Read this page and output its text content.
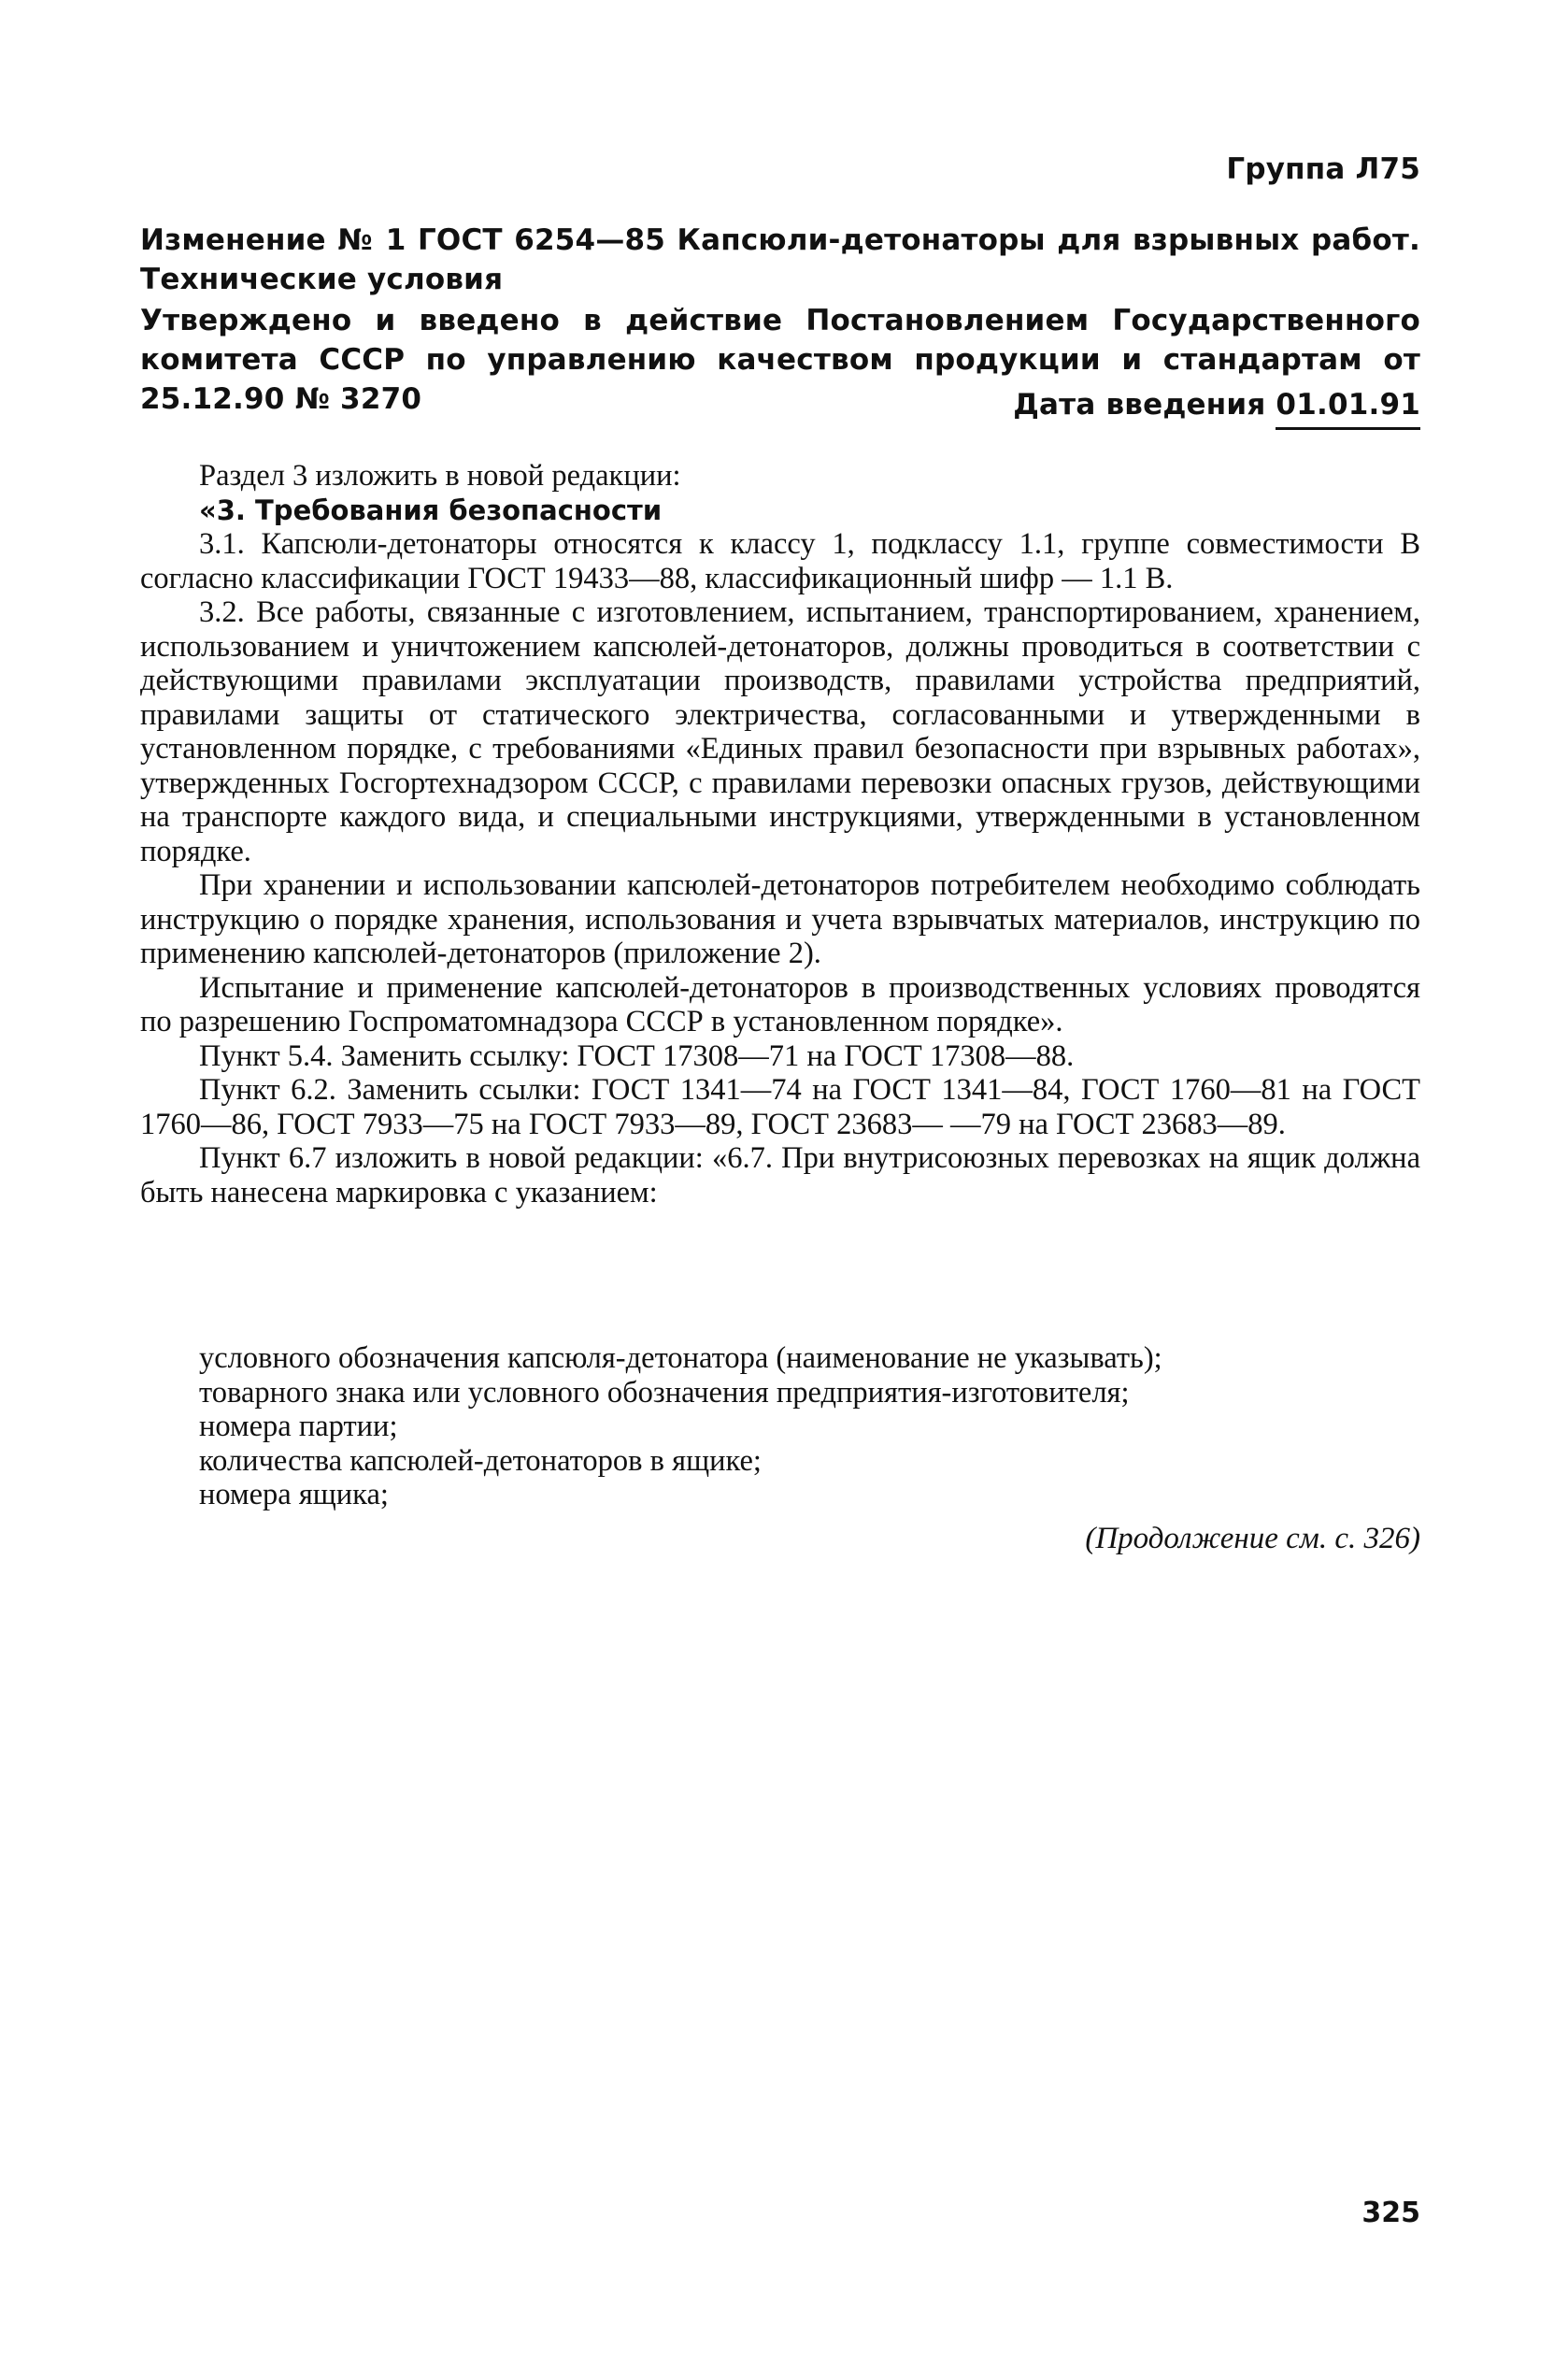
Группа Л75
Изменение № 1 ГОСТ 6254—85 Капсюли-детонаторы для взрывных работ. Технические условия
Утверждено и введено в действие Постановлением Государственного комитета СССР по управлению качеством продукции и стандартам от 25.12.90 № 3270	Дата введения 01.01.91

Раздел 3 изложить в новой редакции:

«3. Требования безопасности

3.1. Капсюли-детонаторы относятся к классу 1, подклассу 1.1, группе совместимости В согласно классификации ГОСТ 19433—88, классификационный шифр — 1.1 В.

3.2. Все работы, связанные с изготовлением, испытанием, транспортированием, хранением, использованием и уничтожением капсюлей-детонаторов, должны проводиться в соответствии с действующими правилами эксплуатации производств, правилами устройства предприятий, правилами защиты от статического электричества, согласованными и утвержденными в установленном порядке, с требованиями «Единых правил безопасности при взрывных работах», утвержденных Госгортехнадзором СССР, с правилами перевозки опасных грузов, действующими на транспорте каждого вида, и специальными инструкциями, утвержденными в установленном порядке.

При хранении и использовании капсюлей-детонаторов потребителем необходимо соблюдать инструкцию о порядке хранения, использования и учета взрывчатых материалов, инструкцию по применению капсюлей-детонаторов (приложение 2).

Испытание и применение капсюлей-детонаторов в производственных условиях проводятся по разрешению Госпроматомнадзора СССР в установленном порядке».

Пункт 5.4. Заменить ссылку: ГОСТ 17308—71 на ГОСТ 17308—88.

Пункт 6.2. Заменить ссылки: ГОСТ 1341—74 на ГОСТ 1341—84, ГОСТ 1760—81 на ГОСТ 1760—86, ГОСТ 7933—75 на ГОСТ 7933—89, ГОСТ 23683— —79 на ГОСТ 23683—89.

Пункт 6.7 изложить в новой редакции: «6.7. При внутрисоюзных перевозках на ящик должна быть нанесена маркировка с указанием:

условного обозначения капсюля-детонатора (наименование не указывать);
товарного знака или условного обозначения предприятия-изготовителя;
номера партии;
количества капсюлей-детонаторов в ящике;
номера ящика;
(Продолжение см. с. 326)
325
